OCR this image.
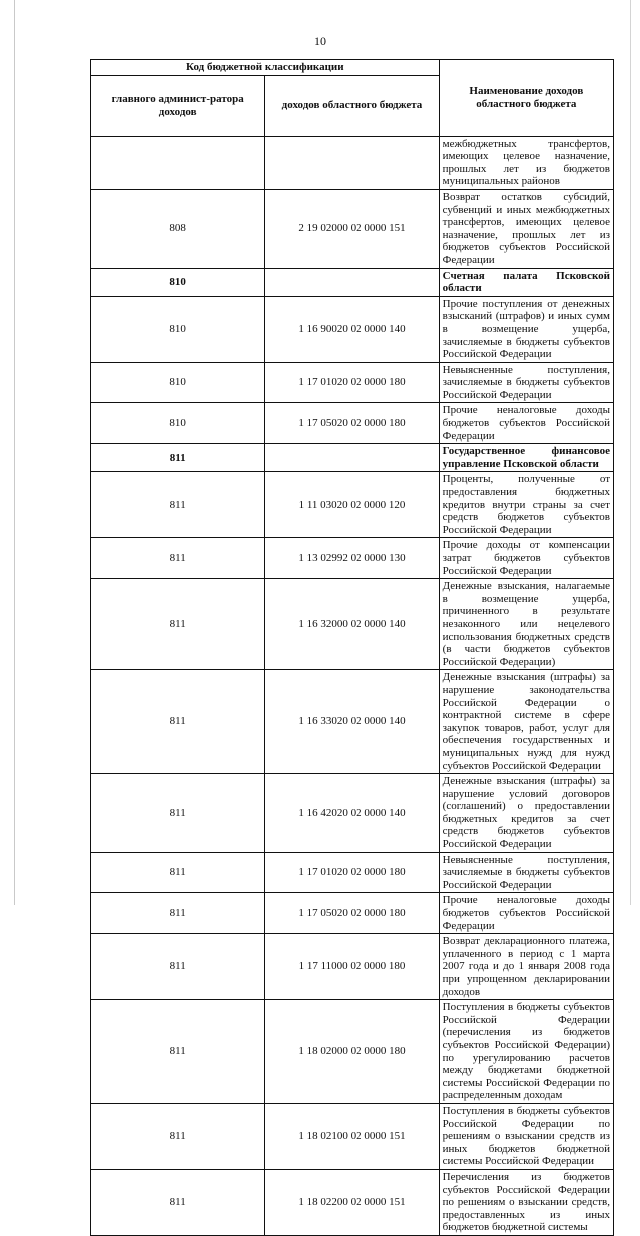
10
Код бюджетной классификации		Наименование доходов областного бюджета
главного админист-ратора доходов	доходов областного бюджета	
		межбюджетных трансфертов, имеющих целевое назначение, прошлых лет из бюджетов муниципальных районов
808	2 19 02000 02 0000 151	Возврат остатков субсидий, субвенций и иных межбюджетных трансфертов, имеющих целевое назначение, прошлых лет из бюджетов субъектов Российской Федерации
810		Счетная палата Псковской области
810	1 16 90020 02 0000 140	Прочие поступления от денежных взысканий (штрафов) и иных сумм в возмещение ущерба, зачисляемые в бюджеты субъектов Российской Федерации
810	1 17 01020 02 0000 180	Невыясненные поступления, зачисляемые в бюджеты субъектов Российской Федерации
810	1 17 05020 02 0000 180	Прочие неналоговые доходы бюджетов субъектов Российской Федерации
811		Государственное финансовое управление Псковской области
811	1 11 03020 02 0000 120	Проценты, полученные от предоставления бюджетных кредитов внутри страны за счет средств бюджетов субъектов Российской Федерации
811	1 13 02992 02 0000 130	Прочие доходы от компенсации затрат бюджетов субъектов Российской Федерации
811	1 16 32000 02 0000 140	Денежные взыскания, налагаемые в возмещение ущерба, причиненного в результате незаконного или нецелевого использования бюджетных средств (в части бюджетов субъектов Российской Федерации)
811	1 16 33020 02 0000 140	Денежные взыскания (штрафы) за нарушение законодательства Российской Федерации о контрактной системе в сфере закупок товаров, работ, услуг для обеспечения государственных и муниципальных нужд для нужд субъектов Российской Федерации
811	1 16 42020 02 0000 140	Денежные взыскания (штрафы) за нарушение условий договоров (соглашений) о предоставлении бюджетных кредитов за счет средств бюджетов субъектов Российской Федерации
811	1 17 01020 02 0000 180	Невыясненные поступления, зачисляемые в бюджеты субъектов Российской Федерации
811	1 17 05020 02 0000 180	Прочие неналоговые доходы бюджетов субъектов Российской Федерации
811	1 17 11000 02 0000 180	Возврат декларационного платежа, уплаченного в период с 1 марта 2007 года и до 1 января 2008 года при упрощенном декларировании доходов
811	1 18 02000 02 0000 180	Поступления в бюджеты субъектов Российской Федерации (перечисления из бюджетов субъектов Российской Федерации) по урегулированию расчетов между бюджетами бюджетной системы Российской Федерации по распределенным доходам
811	1 18 02100 02 0000 151	Поступления в бюджеты субъектов Российской Федерации по решениям о взыскании средств из иных бюджетов бюджетной системы Российской Федерации
811	1 18 02200 02 0000 151	Перечисления из бюджетов субъектов Российской Федерации по решениям о взыскании средств, предоставленных из иных бюджетов бюджетной системы
